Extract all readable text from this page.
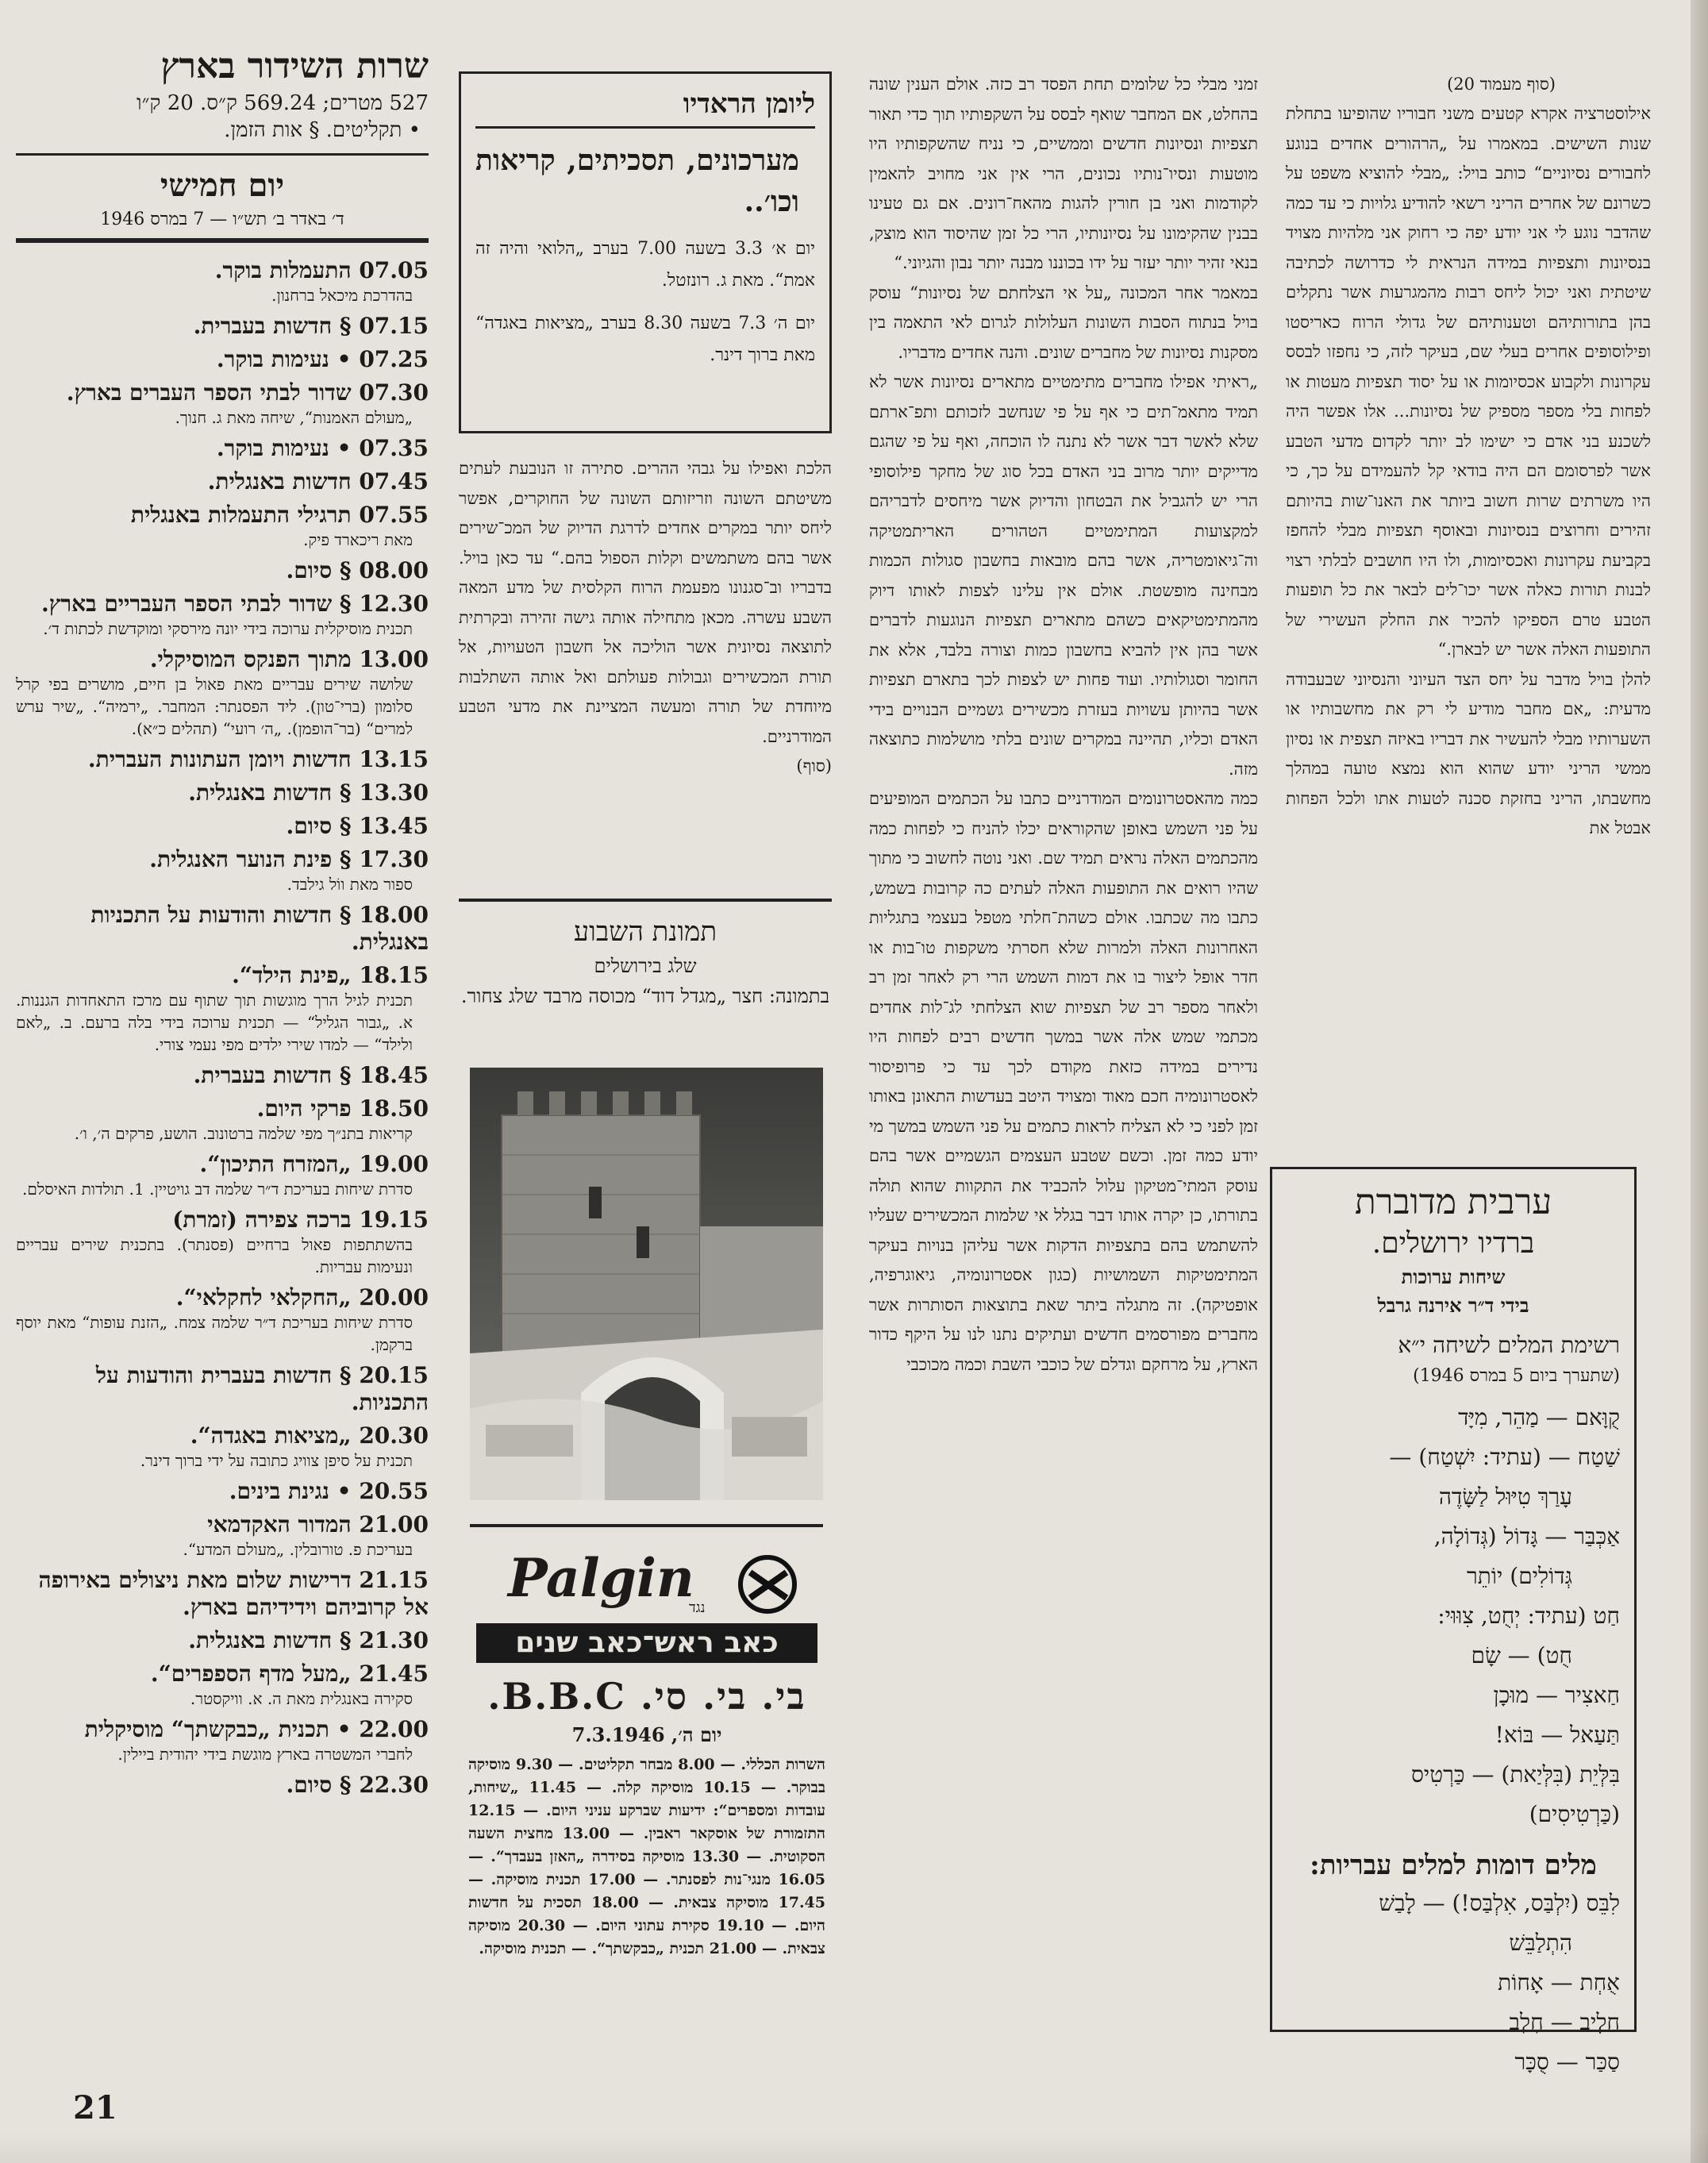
שרות השידור בארץ
527 מטרים; 569.24 ק״ס. 20 ק״ו
• תקליטים. § אות הזמן.
יום חמישי
ד׳ באדר ב׳ תש״ו — 7 במרס 1946
07.05 התעמלות בוקר.
בהדרכת מיכאל ברחנון.
07.15 § חדשות בעברית.
07.25 • נעימות בוקר.
07.30 שדור לבתי הספר העברים בארץ.
„מעולם האמנות“, שיחה מאת ג. חנוך.
07.35 • נעימות בוקר.
07.45 חדשות באנגלית.
07.55 תרגילי התעמלות באנגלית
מאת ריכארד פיק.
08.00 § סיום.
12.30 § שדור לבתי הספר העבריים בארץ.
תכנית מוסיקלית ערוכה בידי יונה מירסקי ומוקדשת לכתות ד׳.
13.00 מתוך הפנקס המוסיקלי.
שלושה שירים עבריים מאת פאול בן חיים, מושרים בפי קרל סלומון (ברי־טון). ליד הפסנתר: המחבר. „ירמיה“. „שיר ערש למרים“ (בר־הופמן). „ה׳ רועי“ (תהלים כ״א).
13.15 חדשות ויומן העתונות העברית.
13.30 § חדשות באנגלית.
13.45 § סיום.
17.30 § פינת הנוער האנגלית.
ספור מאת ווֹל גילבד.
18.00 § חדשות והודעות על התכניות באנגלית.
18.15 „פינת הילד“.
תכנית לגיל הרך מוגשות תוך שתוף עם מרכז התאחדות הגננות. א. „גבור הגליל“ — תכנית ערוכה בידי בלה ברעם. ב. „לאם ולילד“ — למדו שירי ילדים מפי נעמי צורי.
18.45 § חדשות בעברית.
18.50 פרקי היום.
קריאות בתנ״ך מפי שלמה ברטונוב. הושע, פרקים ה׳, ו׳.
19.00 „המזרח התיכון“.
סדרת שיחות בעריכת ד״ר שלמה דב גויטיין. 1. תולדות האיסלם.
19.15 ברכה צפירה (זמרת)
בהשתתפות פאול ברחיים (פסנתר). בתכנית שירים עבריים ונעימות עבריות.
20.00 „החקלאי לחקלאי“.
סדרת שיחות בעריכת ד״ר שלמה צמח. „הזנת עופות“ מאת יוסף ברקמן.
20.15 § חדשות בעברית והודעות על התכניות.
20.30 „מציאות באגדה“.
תכנית על סיפן צוויג כתובה על ידי ברוך דינר.
20.55 • נגינת בינים.
21.00 המדור האקדמאי
בעריכת פ. טורובלין. „מעולם המדע“.
21.15 דרישות שלום מאת ניצולים באירופה אל קרוביהם וידידיהם בארץ.
21.30 § חדשות באנגלית.
21.45 „מעל מדף הספפרים“.
סקירה באנגלית מאת ה. א. וויקסטר.
22.00 • תכנית „כבקשתך“ מוסיקלית
לחברי המשטרה בארץ מוגשת בידי יהודית ביילין.
22.30 § סיום.
ליומן הראדיו
מערכונים, תסכיתים, קריאות וכו׳..
יום א׳ 3.3 בשעה 7.00 בערב „הלואי והיה זה אמת“. מאת ג. רונזטל.
יום ה׳ 7.3 בשעה 8.30 בערב „מציאות באגדה“ מאת ברוך דינר.

הלכת ואפילו על גבהי ההרים. סתירה זו הנובעת לעתים משיטתם השונה וזריזותם השונה של החוקרים, אפשר ליחס יותר במקרים אחדים לדרגת הדיוק של המכ־שירים אשר בהם משתמשים וקלות הספול בהם.“ עד כאן בויל. בדבריו וב־סגנונו מפעמת הרוח הקלסית של מדע המאה השבע עשרה. מכאן מתחילה אותה גישה זהירה ובקרתית לתוצאה נסיונית אשר הוליכה אל חשבון הטעויות, אל תורת המכשירים וגבולות פעולתם ואל אותה השתלבות מיוחדת של תורה ומעשה המציינת את מדעי הטבע המודרניים.

(סוף)

תמונת השבוע
שלג בירושלים
בתמונה: חצר „מגדל דוד“ מכוסה מרבד שלג צחור.
Palgin
נגד
כאב ראש־כאב שנים
בי. בי. סי. B.B.C.
יום ה׳, 7.3.1946

השרות הכללי. — 8.00 מבחר תקליטים. — 9.30 מוסיקה בבוקר. — 10.15 מוסיקה קלה. — 11.45 „שיחות, עובדות ומספרים“: ידיעות שברקע עניני היום. — 12.15 התזמורת של אוסקאר ראבין. — 13.00 מחצית השעה הסקוטית. — 13.30 מוסיקה בסידרה „האזן בעבדך“. — 16.05 מנגי־נות לפסנתר. — 17.00 תכנית מוסיקה. — 17.45 מוסיקה צבאית. — 18.00 תסכית על חדשות היום. — 19.10 סקירת עתוני היום. — 20.30 מוסיקה צבאית. — 21.00 תכנית „כבקשתך“. — תכנית מוסיקה.

זמני מבלי כל שלומים תחת הפסד רב כזה. אולם הענין שונה בהחלט, אם המחבר שואף לבסס על השקפותיו תוך כדי תאור תצפיות ונסיונות חדשים וממשיים, כי נניח שהשקפותיו היו מוטעות ונסיו־נותיו נכונים, הרי אין אני מחויב להאמין לקודמות ואני בן חורין להגות מהאח־רונים. אם גם טעינו בבנין שהקימונו על נסיונותיו, הרי כל זמן שהיסוד הוא מוצק, בנאי זהיר יותר יעזר על ידו בכוננו מבנה יותר נבון והגיוני.“

במאמר אחר המכונה „על אי הצלחתם של נסיונות“ עוסק בויל בנתוח הסבות השונות העלולות לגרום לאי התאמה בין מסקנות נסיונות של מחברים שונים. והנה אחדים מדבריו.

„ראיתי אפילו מחברים מתימטיים מתארים נסיונות אשר לא תמיד מתאמ־תים כי אף על פי שנחשב לזכותם ותפ־ארתם שלא לאשר דבר אשר לא נתנה לו הוכחה, ואף על פי שהגם מדייקים יותר מרוב בני האדם בכל סוג של מחקר פילוסופי הרי יש להגביל את הבטחון והדיוק אשר מיחסים לדבריהם למקצועות המתימטיים הטהורים האריתמטיקה וה־גיאומטריה, אשר בהם מובאות בחשבון סגולות הכמות מבחינה מופשטת. אולם אין עלינו לצפות לאותו דיוק מהמתימטיקאים כשהם מתארים תצפיות הנוגעות לדברים אשר בהן אין להביא בחשבון כמות וצורה בלבד, אלא את החומר וסגולותיו. ועוד פחות יש לצפות לכך בתארם תצפיות אשר בהיותן עשויות בעזרת מכשירים גשמיים הבנויים בידי האדם וכליו, תהיינה במקרים שונים בלתי מושלמות כתוצאה מזה.

כמה מהאסטרונומים המודרניים כתבו על הכתמים המופיעים על פני השמש באופן שהקוראים יכלו להניח כי לפחות כמה מהכתמים האלה נראים תמיד שם. ואני נוטה לחשוב כי מתוך שהיו רואים את התופעות האלה לעתים כה קרובות בשמש, כתבו מה שכתבו. אולם כשהת־חלתי מטפל בעצמי בתגליות האחרונות האלה ולמרות שלא חסרתי משקפות טו־בות או חדר אופל ליצור בו את דמות השמש הרי רק לאחר זמן רב ולאחר מספר רב של תצפיות שוא הצלחתי לג־לות אחדים מכתמי שמש אלה אשר במשך חדשים רבים לפחות היו נדירים במידה כזאת מקודם לכך עד כי פרופיסור לאסטרונומיה חכם מאוד ומצויד היטב בעדשות התאונן באותו זמן לפני כי לא הצליח לראות כתמים על פני השמש במשך מי יודע כמה זמן. וכשם שטבע העצמים הגשמיים אשר בהם עוסק המתי־מטיקון עלול להכביד את התקוות שהוא תולה בתורתו, כן יקרה אותו דבר בגלל אי שלמות המכשירים שעליו להשתמש בהם בתצפיות הדקות אשר עליהן בנויות בעיקר המתימטיקות השמושיות (כגון אסטרונומיה, גיאוגרפיה, אופטיקה). זה מתגלה ביתר שאת בתוצאות הסותרות אשר מחברים מפורסמים חדשים ועתיקים נתנו לנו על היקף כדור הארץ, על מרחקם וגדלם של כוכבי השבת וכמה מכוכבי

(סוף מעמוד 20)

אילוסטרציה אקרא קטעים משני חבוריו שהופיעו בתחלת שנות השישים. במאמרו על „הרהורים אחדים בנוגע לחבורים נסיוניים“ כותב בויל: „מבלי להוציא משפט על כשרונם של אחרים הריני רשאי להודיע גלויות כי עד כמה שהדבר נוגע לי אני יודע יפה כי רחוק אני מלהיות מצויד בנסיונות ותצפיות במידה הנראית לי כדרושה לכתיבה שיטתית ואני יכול ליחס רבות מהמגרעות אשר נתקלים בהן בתורותיהם וטענותיהם של גדולי הרוח כאריסטו ופילוסופים אחרים בעלי שם, בעיקר לזה, כי נחפזו לבסס עקרונות ולקבוע אכסיומות או על יסוד תצפיות מעטות או לפחות בלי מספר מספיק של נסיונות... אלו אפשר היה לשכנע בני אדם כי ישימו לב יותר לקדום מדעי הטבע אשר לפרסומם הם היה בודאי קל להעמידם על כך, כי היו משרתים שרות חשוב ביותר את האנו־שות בהיותם זהירים וחרוצים בנסיונות ובאוסף תצפיות מבלי להחפז בקביעת עקרונות ואכסיומות, ולו היו חושבים לבלתי רצוי לבנות תורות כאלה אשר יכו־לים לבאר את כל תופעות הטבע טרם הספיקו להכיר את החלק העשירי של התופעות האלה אשר יש לבארן.“

להלן בויל מדבר על יחס הצד העיוני והנסיוני שבעבודה מדעית: „אם מחבר מודיע לי רק את מחשבותיו או השערותיו מבלי להעשיר את דבריו באיזה תצפית או נסיון ממשי הריני יודע שהוא הוא נמצא טועה במהלך מחשבתו, הריני בחזקת סכנה לטעות אתו ולכל הפחות אבטל את

ערבית מדוברת
ברדיו ירושלים.
שיחות ערוכות
בידי ד״ר אירנה גרבל
רשימת המלים לשיחה י״א
(שתערך ביום 5 במרס 1946)
קֻוָּאם — מַהֵר, מִיָּד
שַׁטַח — (עתיד: יִשְׁטַח) —
עָרַךְ טִיּוּל לַשָּׂדֶה
אַכְּבַּר — גָּדוֹל (גְּדוֹלָה,
גְּדוֹלִים) יוֹתֵר
חַט (עתיד: יְחֻט, צִוּוּי:
חֻט) — שָׂם
חַאצִיר — מוּכָן
תַּעַאל — בּוֹא!
בִּלְּיֵת (בִּלְּיַאת) — כַּרְטִיס
(כַּרְטִיסִים)
מלים דומות למלים עבריות:
לִבֵּס (יִלְבַּס, אִלְבַּס!) — לָבַשׁ
הִתְלַבֵּשׁ
אֻחְת — אָחוֹת
חַלִיב — חָלָב
סַכַּר — סֻכָּר
21
